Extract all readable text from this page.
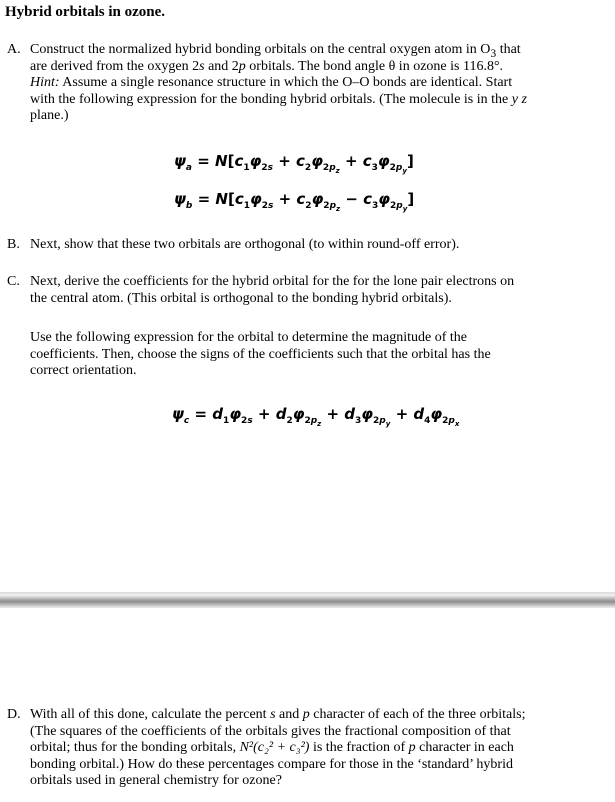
Hybrid orbitals in ozone.
A. Construct the normalized hybrid bonding orbitals on the central oxygen atom in $O_3$ that
are derived from the oxygen 2s and 2p orbitals. The bond angle θ in ozone is 116.8°.
Hint: Assume a single resonance structure in which the O–O bonds are identical. Start
with the following expression for the bonding hybrid orbitals. (The molecule is in the y z
plane.)
$\psi_a = N[c_1\varphi_{2s} + c_2\varphi_{2p_z} + c_3\varphi_{2p_y}]$
$\psi_b = N[c_1\varphi_{2s} + c_2\varphi_{2p_z} - c_3\varphi_{2p_y}]$
B. Next, show that these two orbitals are orthogonal (to within round-off error).
C. Next, derive the coefficients for the hybrid orbital for the for the lone pair electrons on
the central atom. (This orbital is orthogonal to the bonding hybrid orbitals).
Use the following expression for the orbital to determine the magnitude of the
coefficients. Then, choose the signs of the coefficients such that the orbital has the
correct orientation.
$\psi_c = d_1\varphi_{2s} + d_2\varphi_{2p_z} + d_3\varphi_{2p_y} + d_4\varphi_{2p_x}$
D. With all of this done, calculate the percent s and p character of each of the three orbitals;
(The squares of the coefficients of the orbitals gives the fractional composition of that
orbital; thus for the bonding orbitals, N²(c₂² + c₃²) is the fraction of p character in each
bonding orbital.) How do these percentages compare for those in the ‘standard’ hybrid
orbitals used in general chemistry for ozone?
